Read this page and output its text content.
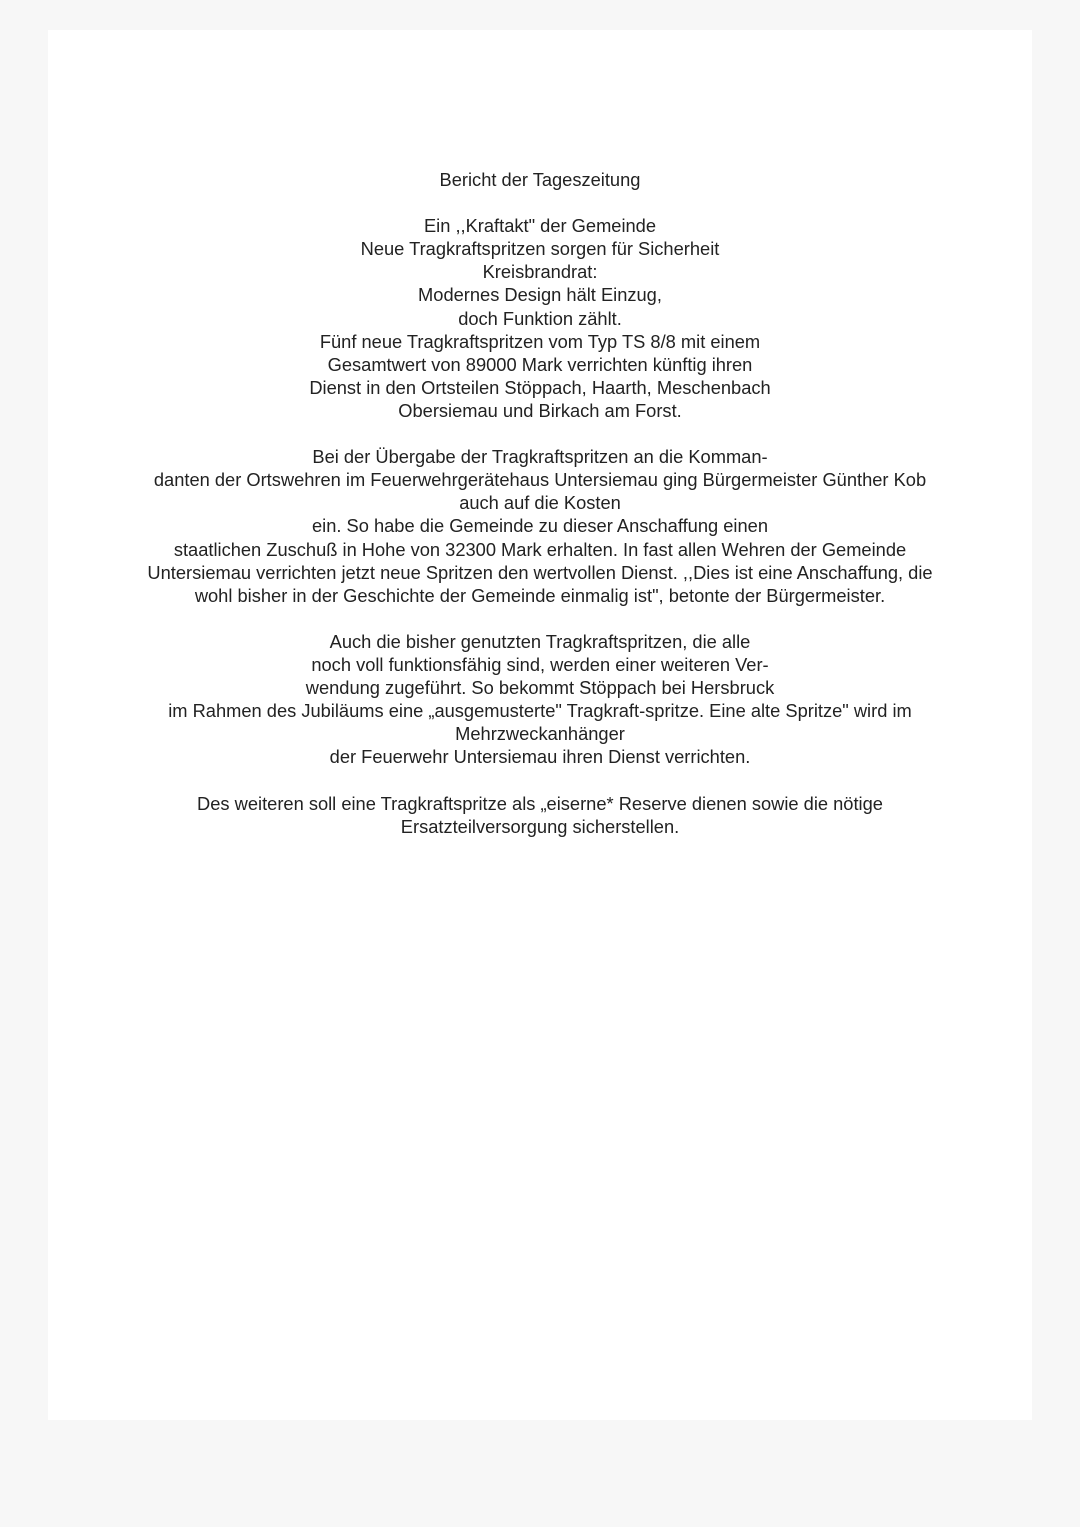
Bericht der Tageszeitung
Ein ,,Kraftakt" der Gemeinde
Neue Tragkraftspritzen sorgen für Sicherheit
Kreisbrandrat:
Modernes Design hält Einzug,
doch Funktion zählt.
Fünf neue Tragkraftspritzen vom Typ TS 8/8 mit einem
Gesamtwert von 89000 Mark verrichten künftig ihren
Dienst in den Ortsteilen Stöppach, Haarth, Meschenbach
Obersiemau und Birkach am Forst.
Bei der Übergabe der Tragkraftspritzen an die Komman-
danten der Ortswehren im Feuerwehrgerätehaus Untersiemau ging Bürgermeister Günther Kob
auch auf die Kosten
ein. So habe die Gemeinde zu dieser Anschaffung einen
staatlichen Zuschuß in Hohe von 32300 Mark erhalten. In fast allen Wehren der Gemeinde
Untersiemau verrichten jetzt neue Spritzen den wertvollen Dienst. ,,Dies ist eine Anschaffung, die
wohl bisher in der Geschichte der Gemeinde einmalig ist", betonte der Bürgermeister.
Auch die bisher genutzten Tragkraftspritzen, die alle
noch voll funktionsfähig sind, werden einer weiteren Ver-
wendung zugeführt. So bekommt Stöppach bei Hersbruck
im Rahmen des Jubiläums eine „ausgemusterte" Tragkraft-spritze. Eine alte Spritze" wird im
Mehrzweckanhänger
der Feuerwehr Untersiemau ihren Dienst verrichten.
Des weiteren soll eine Tragkraftspritze als „eiserne* Reserve dienen sowie die nötige
Ersatzteilversorgung sicherstellen.
